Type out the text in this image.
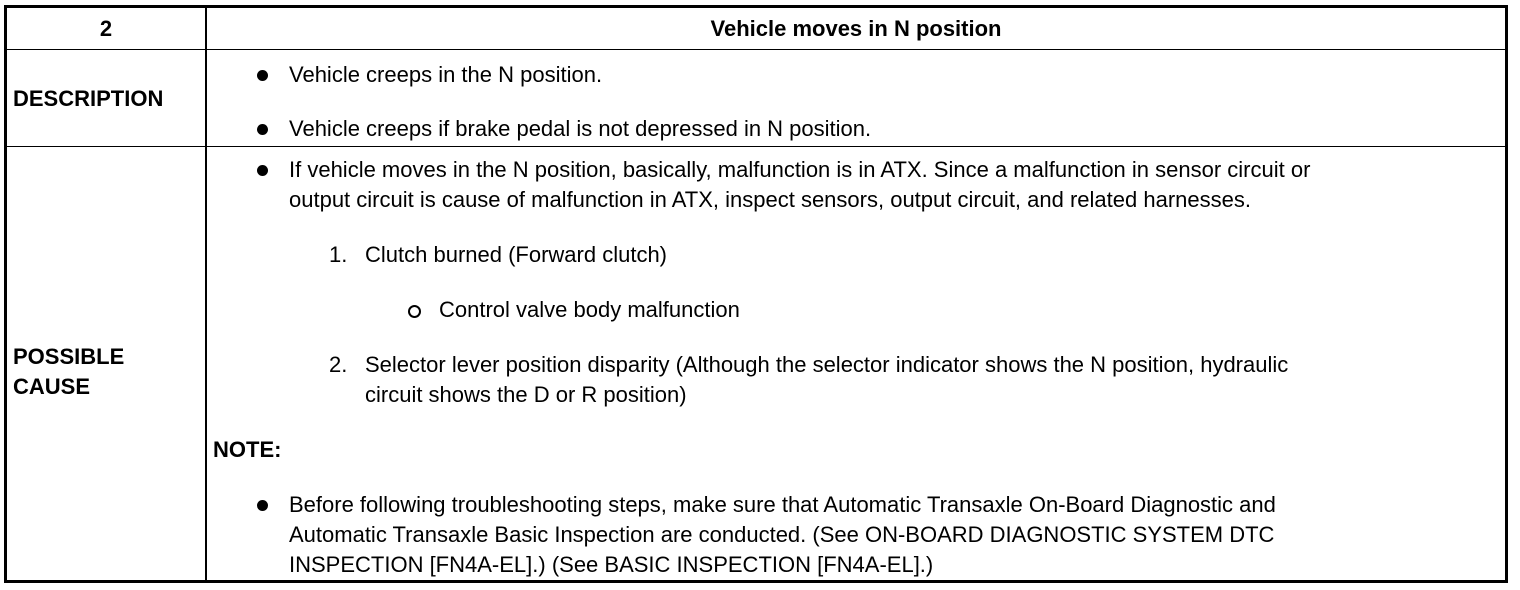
2	Vehicle moves in N position
DESCRIPTION
Vehicle creeps in the N position.
Vehicle creeps if brake pedal is not depressed in N position.
POSSIBLE
CAUSE
If vehicle moves in the N position, basically, malfunction is in ATX. Since a malfunction in sensor circuit or
output circuit is cause of malfunction in ATX, inspect sensors, output circuit, and related harnesses.
1. Clutch burned (Forward clutch)
Control valve body malfunction
2. Selector lever position disparity (Although the selector indicator shows the N position, hydraulic
circuit shows the D or R position)
NOTE:
Before following troubleshooting steps, make sure that Automatic Transaxle On-Board Diagnostic and
Automatic Transaxle Basic Inspection are conducted. (See ON-BOARD DIAGNOSTIC SYSTEM DTC
INSPECTION [FN4A-EL].) (See BASIC INSPECTION [FN4A-EL].)
